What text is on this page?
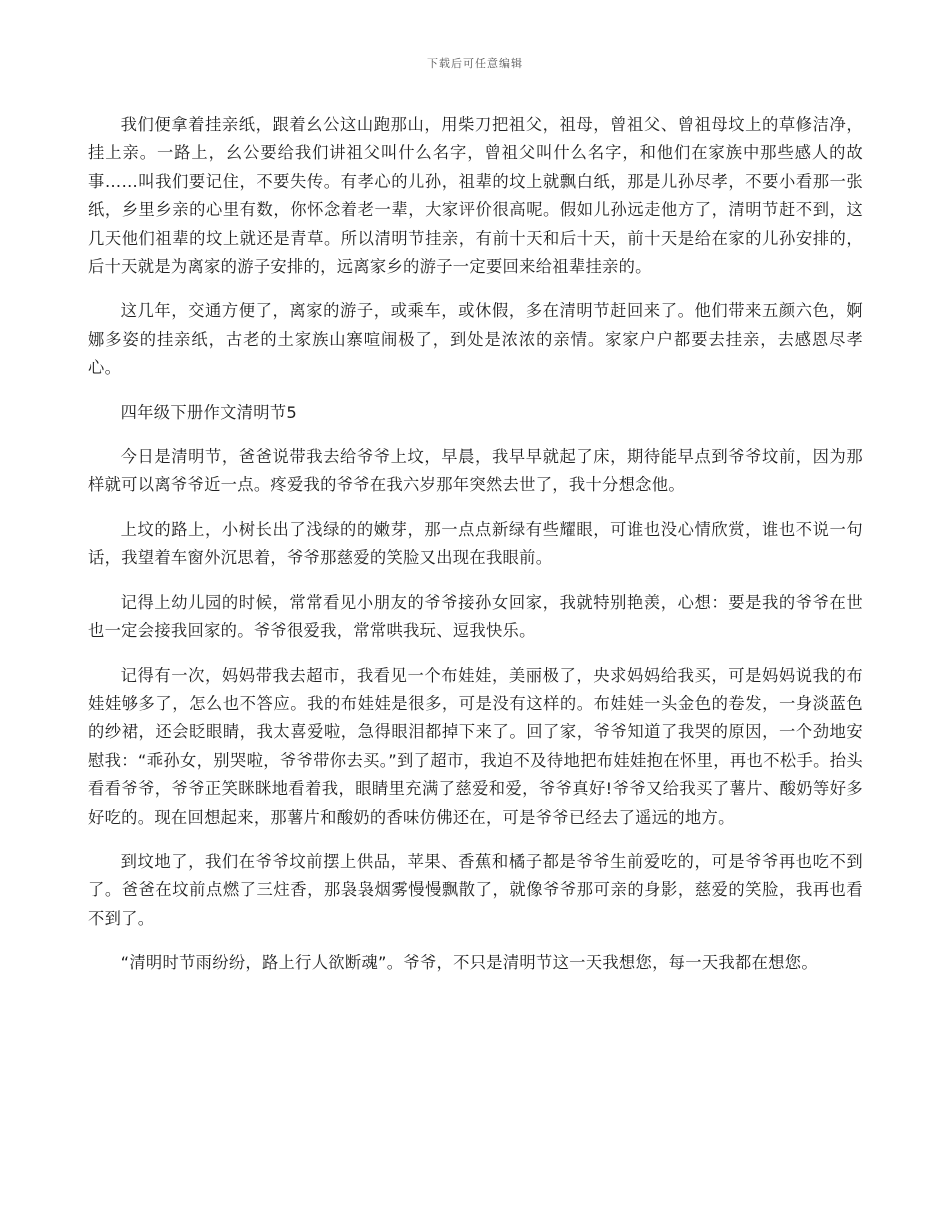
下载后可任意编辑

我们便拿着挂亲纸，跟着幺公这山跑那山，用柴刀把祖父，祖母，曾祖父、曾祖母坟上的草修洁净，挂上亲。一路上，幺公要给我们讲祖父叫什么名字，曾祖父叫什么名字，和他们在家族中那些感人的故事……叫我们要记住，不要失传。有孝心的儿孙，祖辈的坟上就飘白纸，那是儿孙尽孝，不要小看那一张纸，乡里乡亲的心里有数，你怀念着老一辈，大家评价很高呢。假如儿孙远走他方了，清明节赶不到，这几天他们祖辈的坟上就还是青草。所以清明节挂亲，有前十天和后十天，前十天是给在家的儿孙安排的，后十天就是为离家的游子安排的，远离家乡的游子一定要回来给祖辈挂亲的。

这几年，交通方便了，离家的游子，或乘车，或休假，多在清明节赶回来了。他们带来五颜六色，婀娜多姿的挂亲纸，古老的土家族山寨喧闹极了，到处是浓浓的亲情。家家户户都要去挂亲，去感恩尽孝心。

四年级下册作文清明节5

今日是清明节，爸爸说带我去给爷爷上坟，早晨，我早早就起了床，期待能早点到爷爷坟前，因为那样就可以离爷爷近一点。疼爱我的爷爷在我六岁那年突然去世了，我十分想念他。

上坟的路上，小树长出了浅绿的的嫩芽，那一点点新绿有些耀眼，可谁也没心情欣赏，谁也不说一句话，我望着车窗外沉思着，爷爷那慈爱的笑脸又出现在我眼前。

记得上幼儿园的时候，常常看见小朋友的爷爷接孙女回家，我就特别艳羡，心想：要是我的爷爷在世也一定会接我回家的。爷爷很爱我，常常哄我玩、逗我快乐。

记得有一次，妈妈带我去超市，我看见一个布娃娃，美丽极了，央求妈妈给我买，可是妈妈说我的布娃娃够多了，怎么也不答应。我的布娃娃是很多，可是没有这样的。布娃娃一头金色的卷发，一身淡蓝色的纱裙，还会眨眼睛，我太喜爱啦，急得眼泪都掉下来了。回了家，爷爷知道了我哭的原因，一个劲地安慰我：“乖孙女，别哭啦，爷爷带你去买。”到了超市，我迫不及待地把布娃娃抱在怀里，再也不松手。抬头看看爷爷，爷爷正笑眯眯地看着我，眼睛里充满了慈爱和爱，爷爷真好!爷爷又给我买了薯片、酸奶等好多好吃的。现在回想起来，那薯片和酸奶的香味仿佛还在，可是爷爷已经去了遥远的地方。

到坟地了，我们在爷爷坟前摆上供品，苹果、香蕉和橘子都是爷爷生前爱吃的，可是爷爷再也吃不到了。爸爸在坟前点燃了三炷香，那袅袅烟雾慢慢飘散了，就像爷爷那可亲的身影，慈爱的笑脸，我再也看不到了。

“清明时节雨纷纷，路上行人欲断魂”。爷爷，不只是清明节这一天我想您，每一天我都在想您。
